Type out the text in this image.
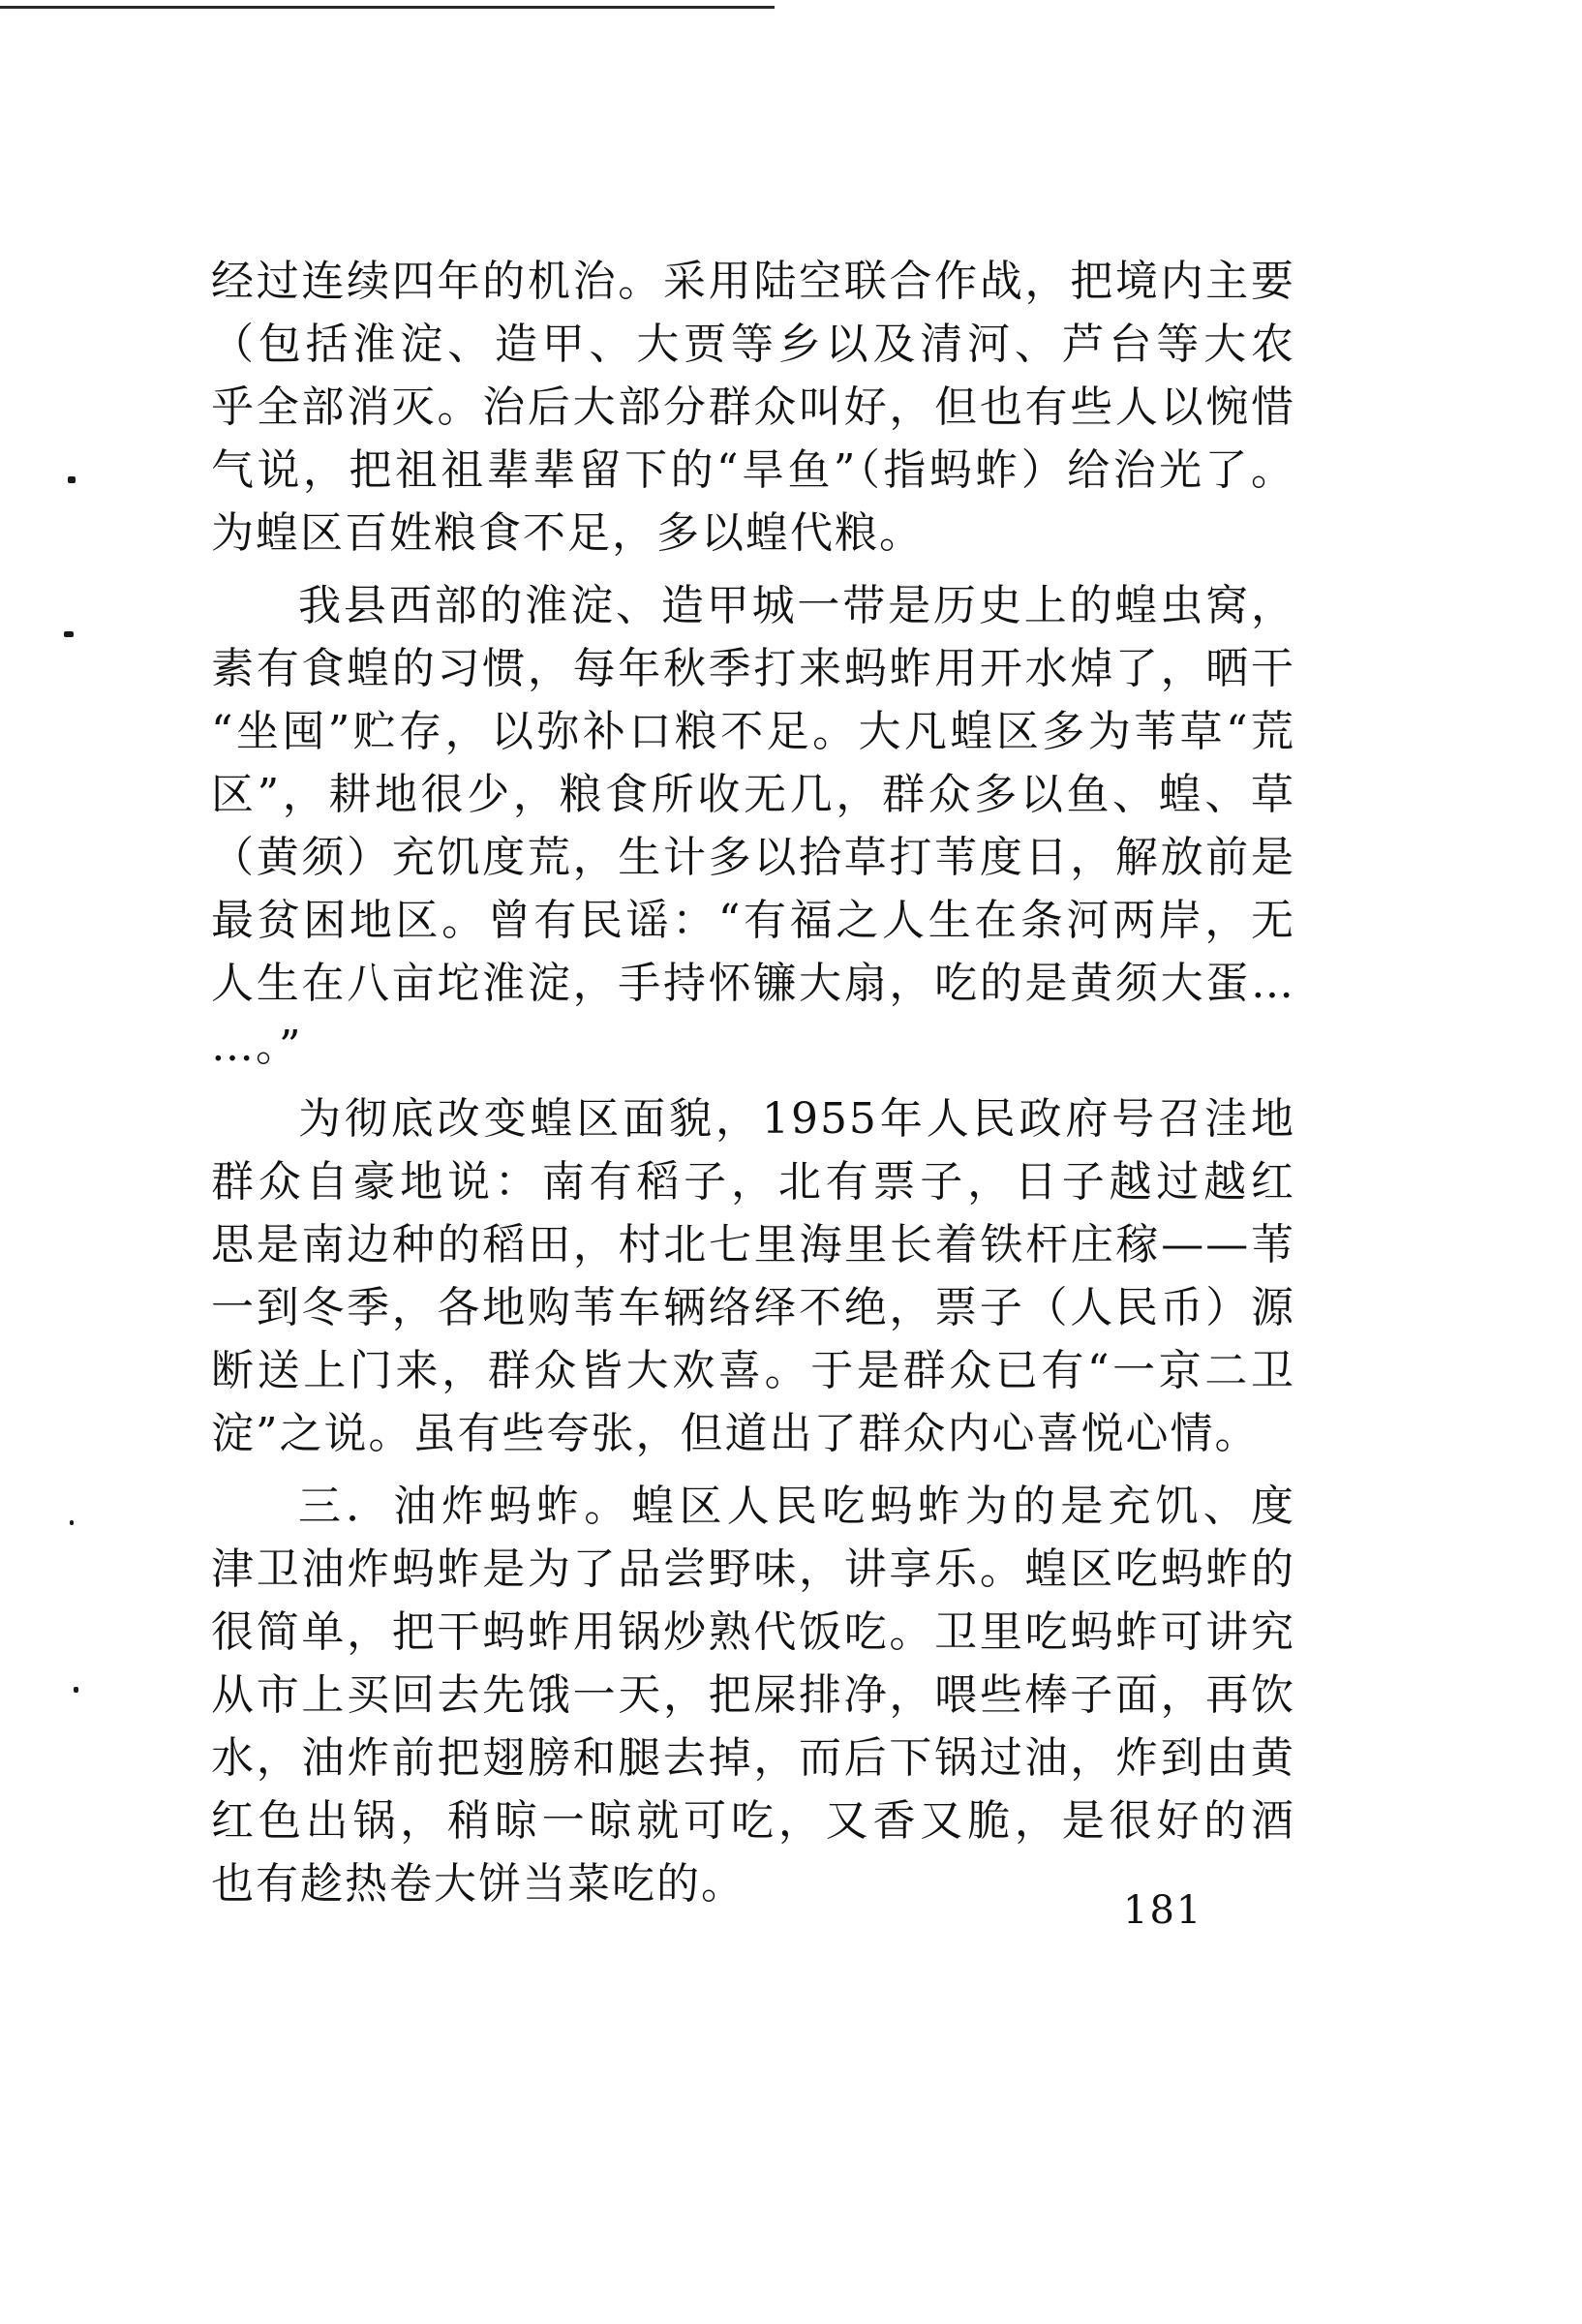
经过连续四年的机治。采用陆空联合作战，把境内主要
（包括淮淀、造甲、大贾等乡以及清河、芦台等大农
乎全部消灭。治后大部分群众叫好，但也有些人以惋惜
气说，把祖祖辈辈留下的“旱鱼”（指蚂蚱）给治光了。
为蝗区百姓粮食不足，多以蝗代粮。
我县西部的淮淀、造甲城一带是历史上的蝗虫窝，
素有食蝗的习惯，每年秋季打来蚂蚱用开水焯了，晒干
“坐囤”贮存，以弥补口粮不足。大凡蝗区多为苇草“荒
区”，耕地很少，粮食所收无几，群众多以鱼、蝗、草
（黄须）充饥度荒，生计多以拾草打苇度日，解放前是
最贫困地区。曾有民谣：“有福之人生在条河两岸，无
人生在八亩坨淮淀，手持怀镰大扇，吃的是黄须大蛋…
…。”
为彻底改变蝗区面貌，1955年人民政府号召洼地
群众自豪地说：南有稻子，北有票子，日子越过越红
思是南边种的稻田，村北七里海里长着铁杆庄稼——苇
一到冬季，各地购苇车辆络绎不绝，票子（人民币）源
断送上门来，群众皆大欢喜。于是群众已有“一京二卫
淀”之说。虽有些夸张，但道出了群众内心喜悦心情。
三．油炸蚂蚱。蝗区人民吃蚂蚱为的是充饥、度
津卫油炸蚂蚱是为了品尝野味，讲享乐。蝗区吃蚂蚱的
很简单，把干蚂蚱用锅炒熟代饭吃。卫里吃蚂蚱可讲究
从市上买回去先饿一天，把屎排净，喂些棒子面，再饮
水，油炸前把翅膀和腿去掉，而后下锅过油，炸到由黄
红色出锅，稍晾一晾就可吃，又香又脆，是很好的酒
也有趁热卷大饼当菜吃的。
181
